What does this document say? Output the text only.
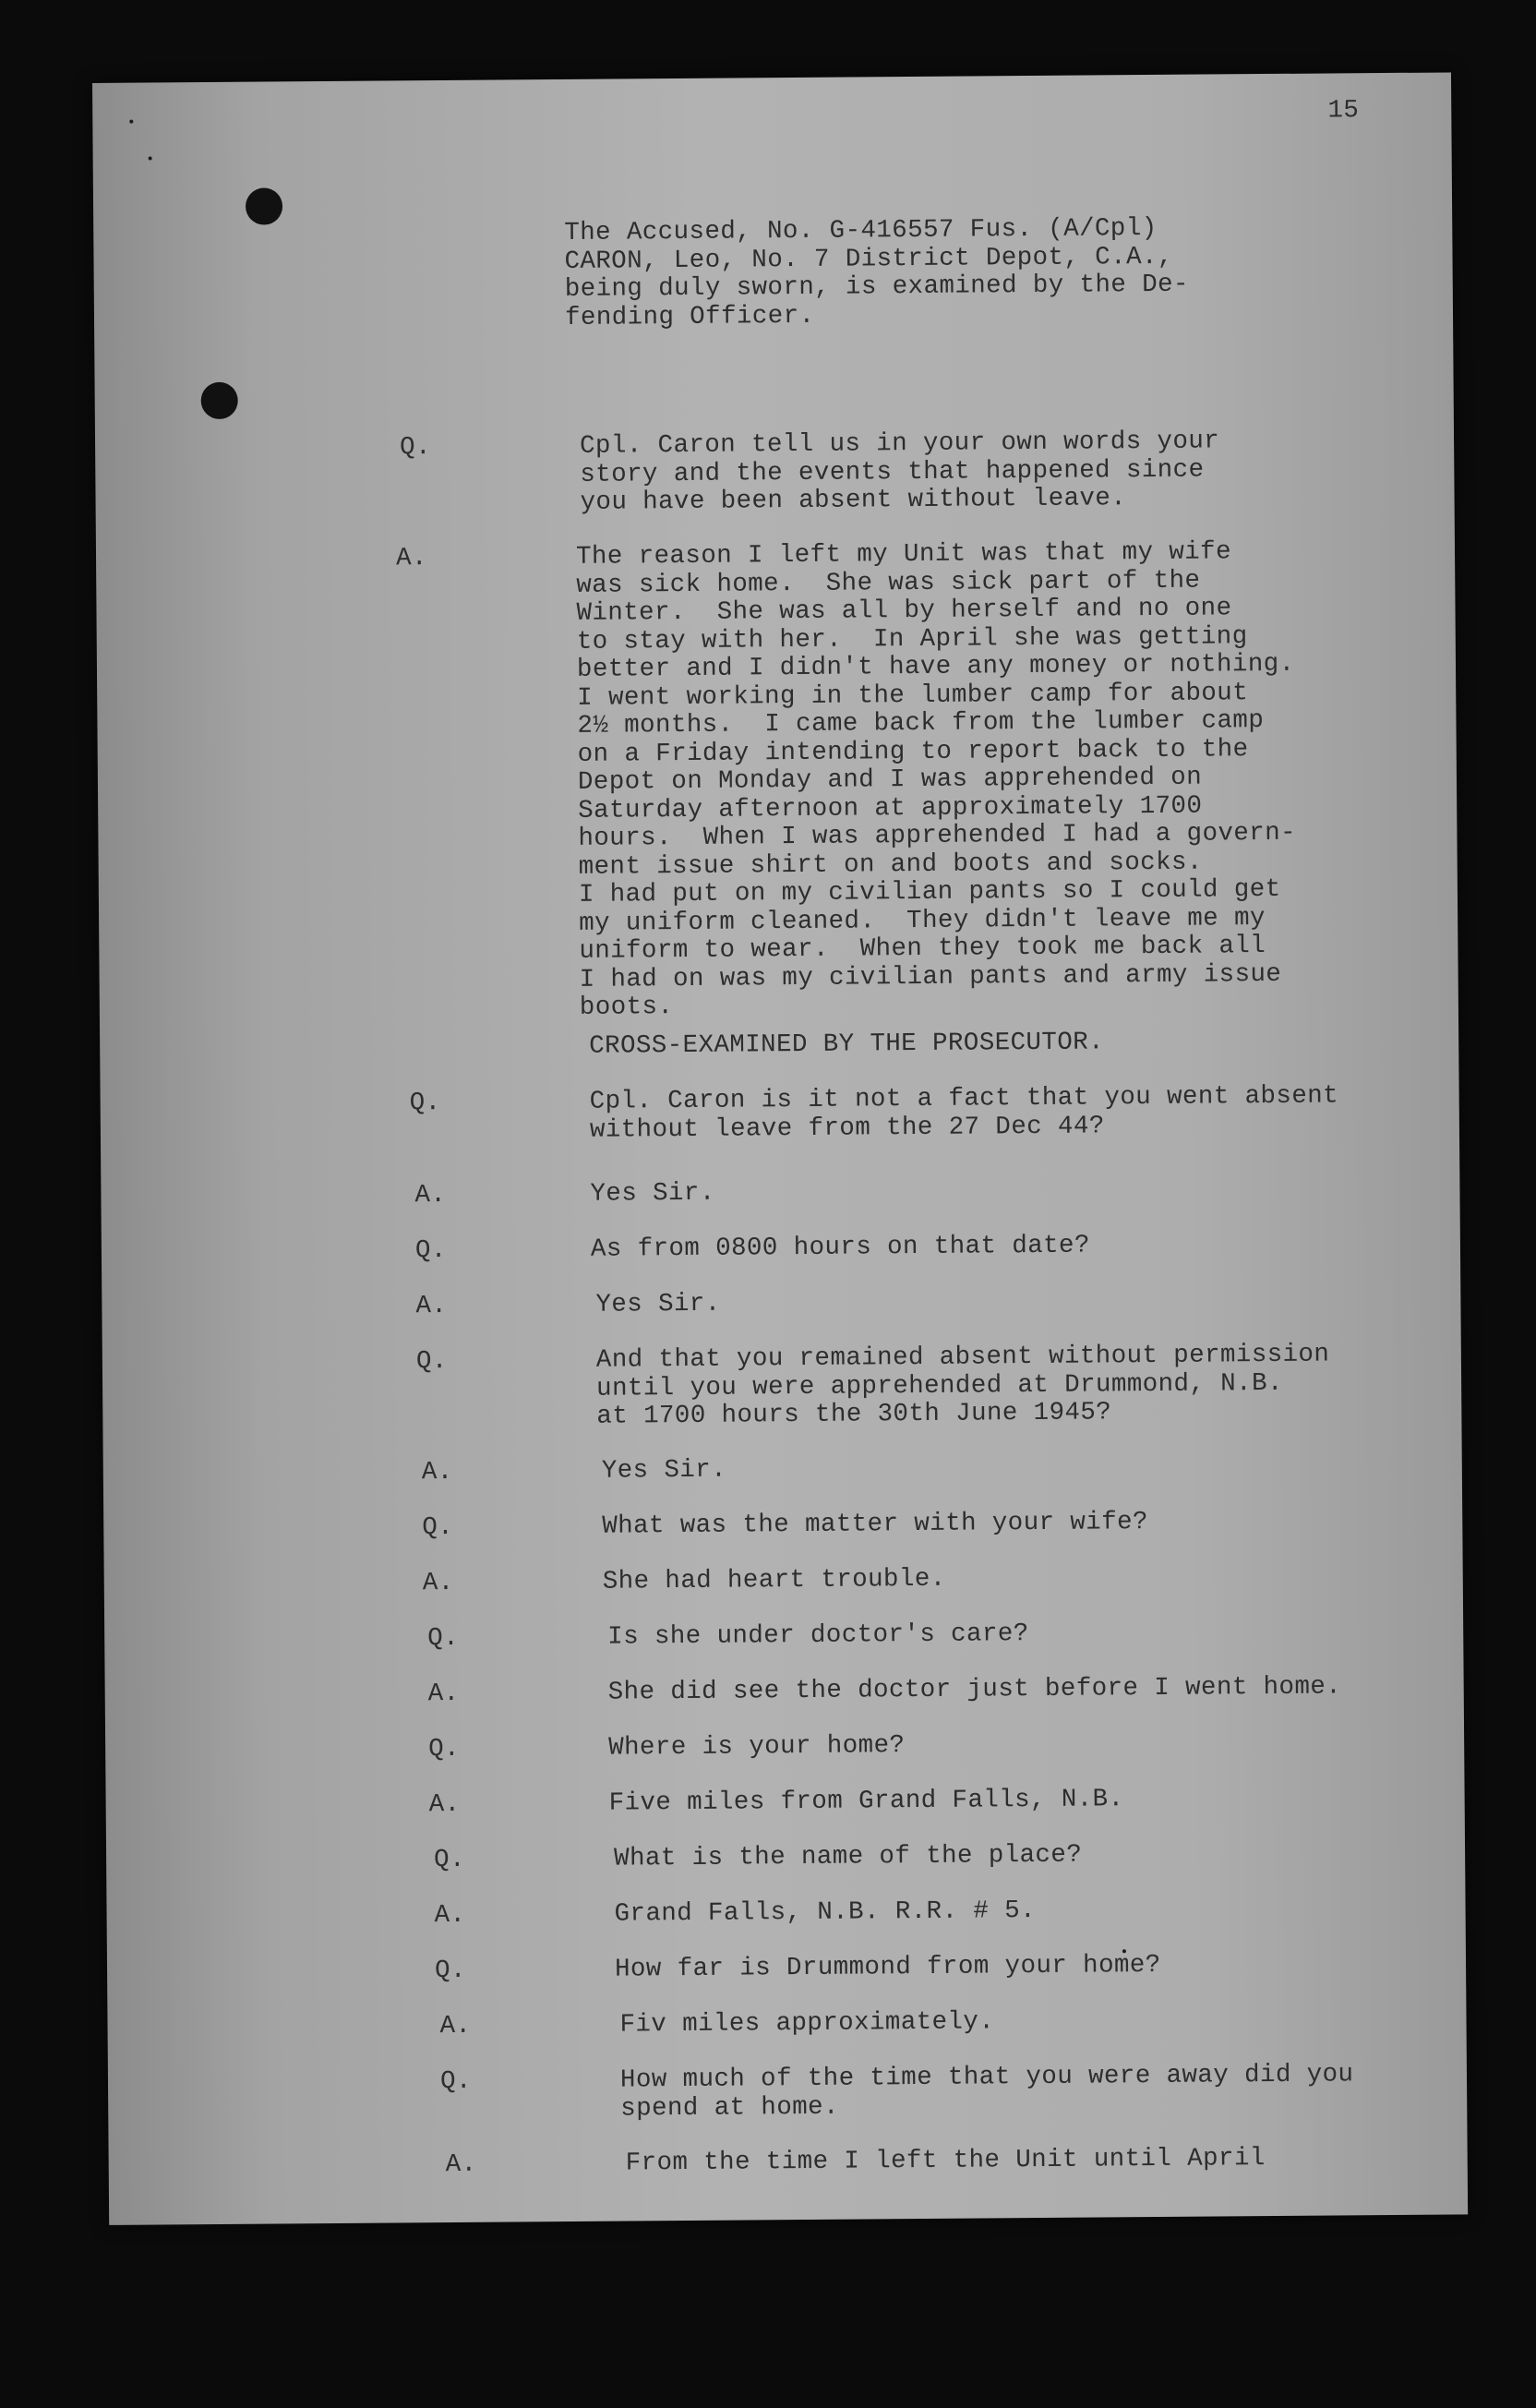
15
The Accused, No. G-416557 Fus. (A/Cpl)
CARON, Leo, No. 7 District Depot, C.A.,
being duly sworn, is examined by the De-
fending Officer.
Q.	Cpl. Caron tell us in your own words your
story and the events that happened since
you have been absent without leave.
A.	The reason I left my Unit was that my wife
was sick home.  She was sick part of the
Winter.  She was all by herself and no one
to stay with her.  In April she was getting
better and I didn't have any money or nothing.
I went working in the lumber camp for about
2½ months.  I came back from the lumber camp
on a Friday intending to report back to the
Depot on Monday and I was apprehended on
Saturday afternoon at approximately 1700
hours.  When I was apprehended I had a govern-
ment issue shirt on and boots and socks.
I had put on my civilian pants so I could get
my uniform cleaned.  They didn't leave me my
uniform to wear.  When they took me back all
I had on was my civilian pants and army issue
boots.
CROSS-EXAMINED BY THE PROSECUTOR.
Q.	Cpl. Caron is it not a fact that you went absent
without leave from the 27 Dec 44?
A.	Yes Sir.
Q.	As from 0800 hours on that date?
A.	Yes Sir.
Q.	And that you remained absent without permission
until you were apprehended at Drummond, N.B.
at 1700 hours the 30th June 1945?
A.	Yes Sir.
Q.	What was the matter with your wife?
A.	She had heart trouble.
Q.	Is she under doctor's care?
A.	She did see the doctor just before I went home.
Q.	Where is your home?
A.	Five miles from Grand Falls, N.B.
Q.	What is the name of the place?
A.	Grand Falls, N.B. R.R. # 5.
Q.	How far is Drummond from your home?
A.	Fiv miles approximately.
Q.	How much of the time that you were away did you
spend at home.
A.	From the time I left the Unit until April
